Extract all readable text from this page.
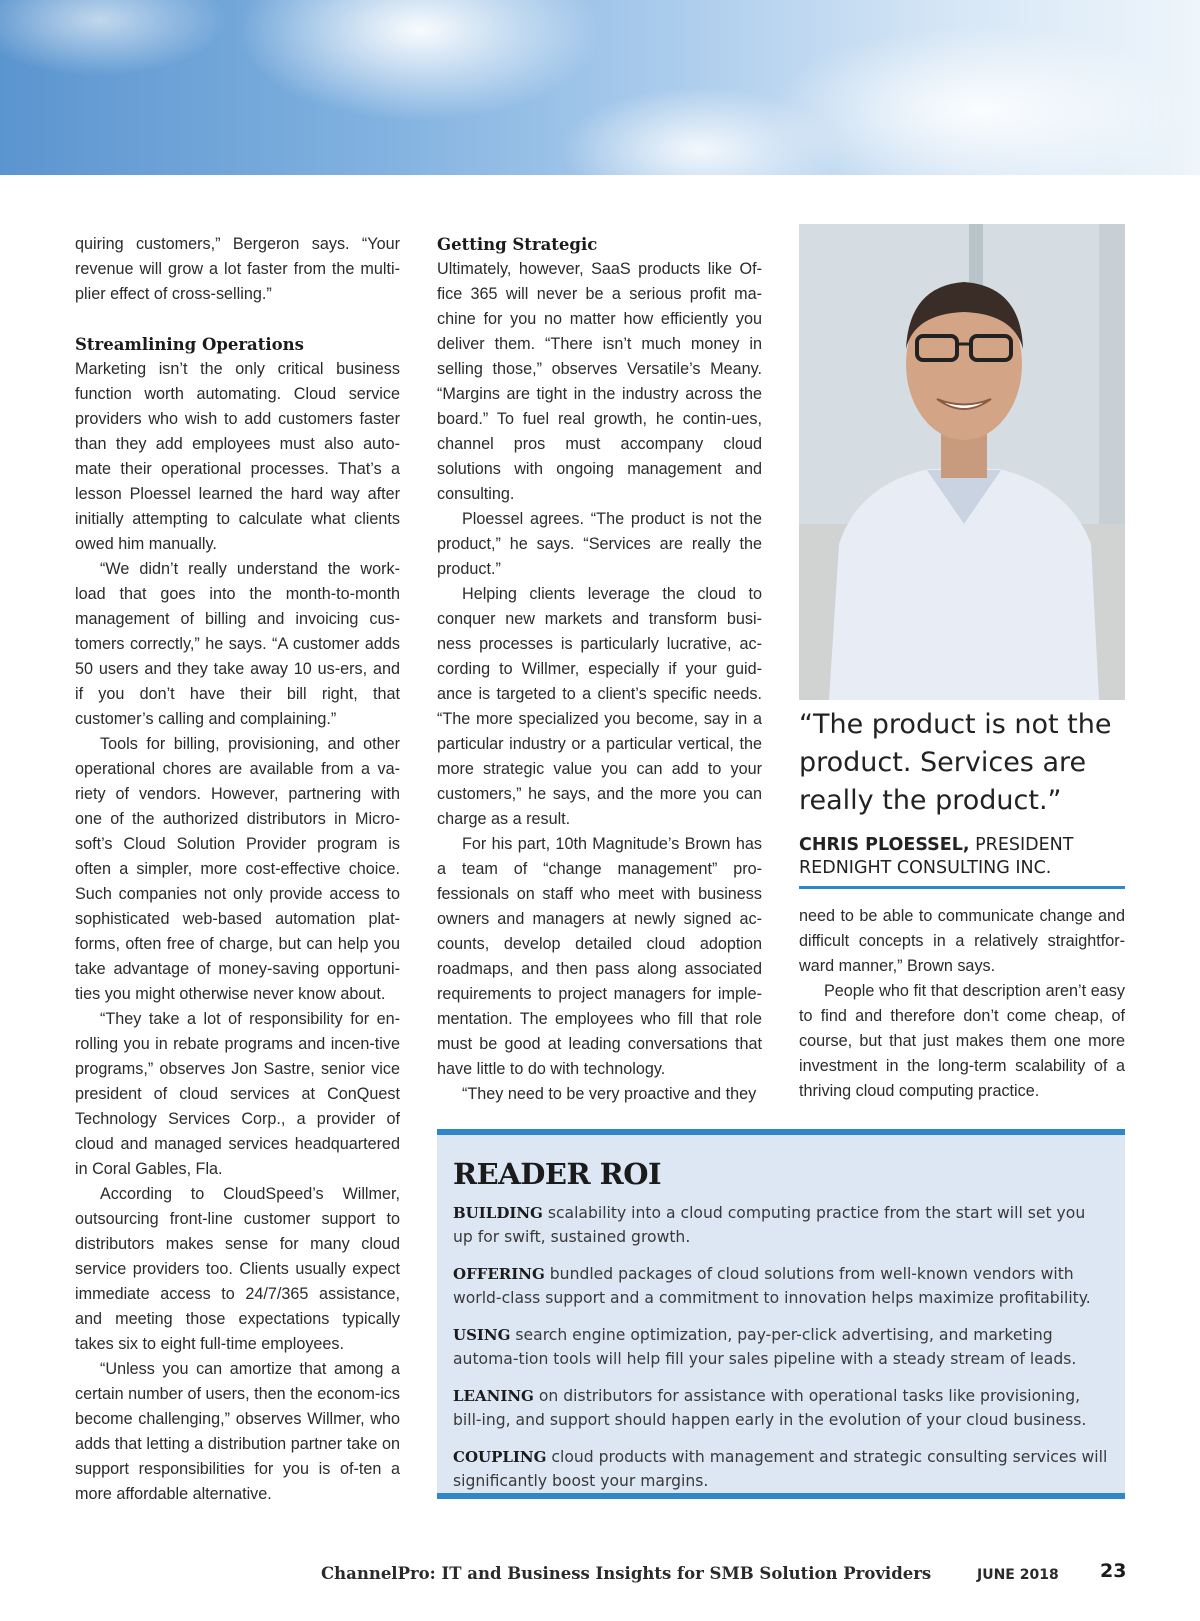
quiring customers,” Bergeron says. “Your revenue will grow a lot faster from the multi-plier effect of cross-selling.”

Streamlining Operations

Marketing isn’t the only critical business function worth automating. Cloud service providers who wish to add customers faster than they add employees must also auto-mate their operational processes. That’s a lesson Ploessel learned the hard way after initially attempting to calculate what clients owed him manually.

“We didn’t really understand the work-load that goes into the month-to-month management of billing and invoicing cus-tomers correctly,” he says. “A customer adds 50 users and they take away 10 us-ers, and if you don’t have their bill right, that customer’s calling and complaining.”

Tools for billing, provisioning, and other operational chores are available from a va-riety of vendors. However, partnering with one of the authorized distributors in Micro-soft’s Cloud Solution Provider program is often a simpler, more cost-effective choice. Such companies not only provide access to sophisticated web-based automation plat-forms, often free of charge, but can help you take advantage of money-saving opportuni-ties you might otherwise never know about.

“They take a lot of responsibility for en-rolling you in rebate programs and incen-tive programs,” observes Jon Sastre, senior vice president of cloud services at ConQuest Technology Services Corp., a provider of cloud and managed services headquartered in Coral Gables, Fla.

According to CloudSpeed’s Willmer, outsourcing front-line customer support to distributors makes sense for many cloud service providers too. Clients usually expect immediate access to 24/7/365 assistance, and meeting those expectations typically takes six to eight full-time employees.

“Unless you can amortize that among a certain number of users, then the econom-ics become challenging,” observes Willmer, who adds that letting a distribution partner take on support responsibilities for you is of-ten a more affordable alternative.

Getting Strategic

Ultimately, however, SaaS products like Of-fice 365 will never be a serious profit ma-chine for you no matter how efficiently you deliver them. “There isn’t much money in selling those,” observes Versatile’s Meany. “Margins are tight in the industry across the board.” To fuel real growth, he contin-ues, channel pros must accompany cloud solutions with ongoing management and consulting.

Ploessel agrees. “The product is not the product,” he says. “Services are really the product.”

Helping clients leverage the cloud to conquer new markets and transform busi-ness processes is particularly lucrative, ac-cording to Willmer, especially if your guid-ance is targeted to a client’s specific needs. “The more specialized you become, say in a particular industry or a particular vertical, the more strategic value you can add to your customers,” he says, and the more you can charge as a result.

For his part, 10th Magnitude’s Brown has a team of “change management” pro-fessionals on staff who meet with business owners and managers at newly signed ac-counts, develop detailed cloud adoption roadmaps, and then pass along associated requirements to project managers for imple-mentation. The employees who fill that role must be good at leading conversations that have little to do with technology.

“They need to be very proactive and they

“The product is not the product. Services are really the product.”

CHRIS PLOESSEL, PRESIDENT
REDNIGHT CONSULTING INC.

need to be able to communicate change and difficult concepts in a relatively straightfor-ward manner,” Brown says.

People who fit that description aren’t easy to find and therefore don’t come cheap, of course, but that just makes them one more investment in the long-term scalability of a thriving cloud computing practice.

READER ROI
BUILDING scalability into a cloud computing practice from the start will set you up for swift, sustained growth.
OFFERING bundled packages of cloud solutions from well-known vendors with world-class support and a commitment to innovation helps maximize profitability.
USING search engine optimization, pay-per-click advertising, and marketing automa-tion tools will help fill your sales pipeline with a steady stream of leads.
LEANING on distributors for assistance with operational tasks like provisioning, bill-ing, and support should happen early in the evolution of your cloud business.
COUPLING cloud products with management and strategic consulting services will significantly boost your margins.
ChannelPro: IT and Business Insights for SMB Solution Providers	JUNE 2018 23
